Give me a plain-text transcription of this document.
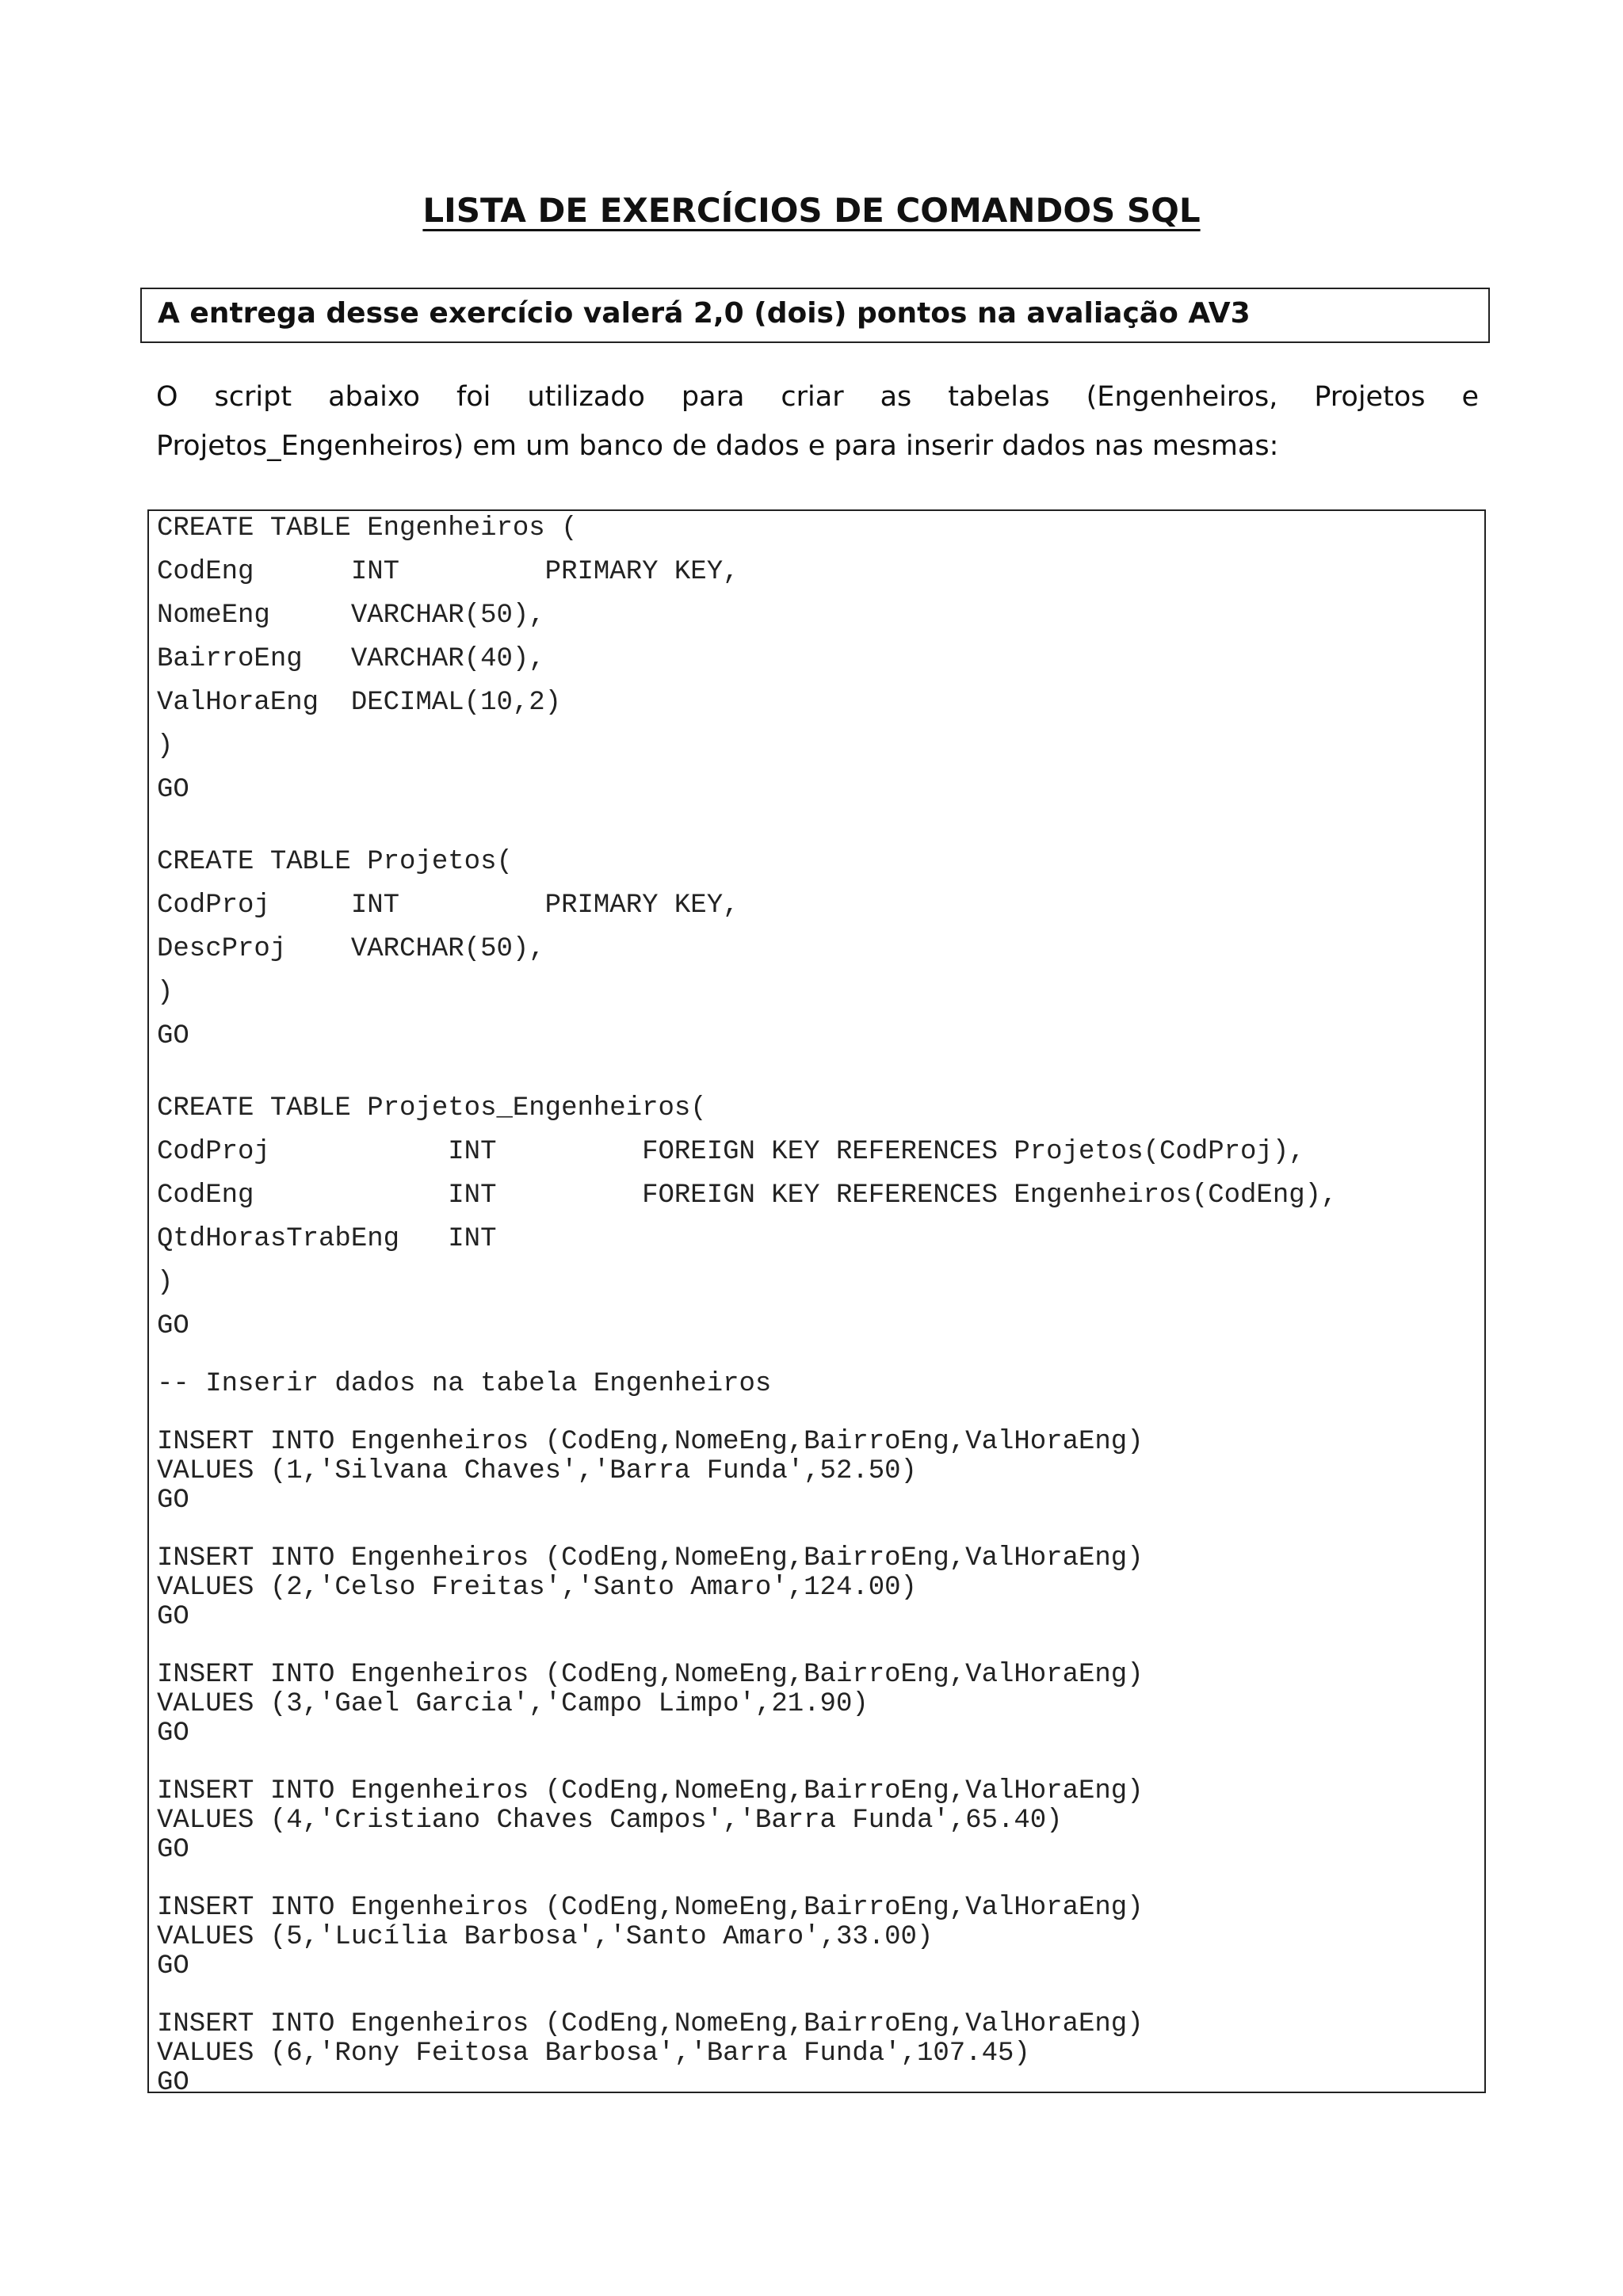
LISTA DE EXERCÍCIOS DE COMANDOS SQL
A entrega desse exercício valerá 2,0 (dois) pontos na avaliação AV3
O script abaixo foi utilizado para criar as tabelas (Engenheiros, Projetos e Projetos_Engenheiros) em um banco de dados e para inserir dados nas mesmas:
CREATE TABLE Engenheiros (
CodEng      INT         PRIMARY KEY,
NomeEng     VARCHAR(50),
BairroEng   VARCHAR(40),
ValHoraEng  DECIMAL(10,2)
)
GO
CREATE TABLE Projetos(
CodProj     INT         PRIMARY KEY,
DescProj    VARCHAR(50),
)
GO
CREATE TABLE Projetos_Engenheiros(
CodProj           INT         FOREIGN KEY REFERENCES Projetos(CodProj),
CodEng            INT         FOREIGN KEY REFERENCES Engenheiros(CodEng),
QtdHorasTrabEng   INT
)
GO
-- Inserir dados na tabela Engenheiros
INSERT INTO Engenheiros (CodEng,NomeEng,BairroEng,ValHoraEng)
VALUES (1,'Silvana Chaves','Barra Funda',52.50)
GO
INSERT INTO Engenheiros (CodEng,NomeEng,BairroEng,ValHoraEng)
VALUES (2,'Celso Freitas','Santo Amaro',124.00)
GO
INSERT INTO Engenheiros (CodEng,NomeEng,BairroEng,ValHoraEng)
VALUES (3,'Gael Garcia','Campo Limpo',21.90)
GO
INSERT INTO Engenheiros (CodEng,NomeEng,BairroEng,ValHoraEng)
VALUES (4,'Cristiano Chaves Campos','Barra Funda',65.40)
GO
INSERT INTO Engenheiros (CodEng,NomeEng,BairroEng,ValHoraEng)
VALUES (5,'Lucília Barbosa','Santo Amaro',33.00)
GO
INSERT INTO Engenheiros (CodEng,NomeEng,BairroEng,ValHoraEng)
VALUES (6,'Rony Feitosa Barbosa','Barra Funda',107.45)
GO
